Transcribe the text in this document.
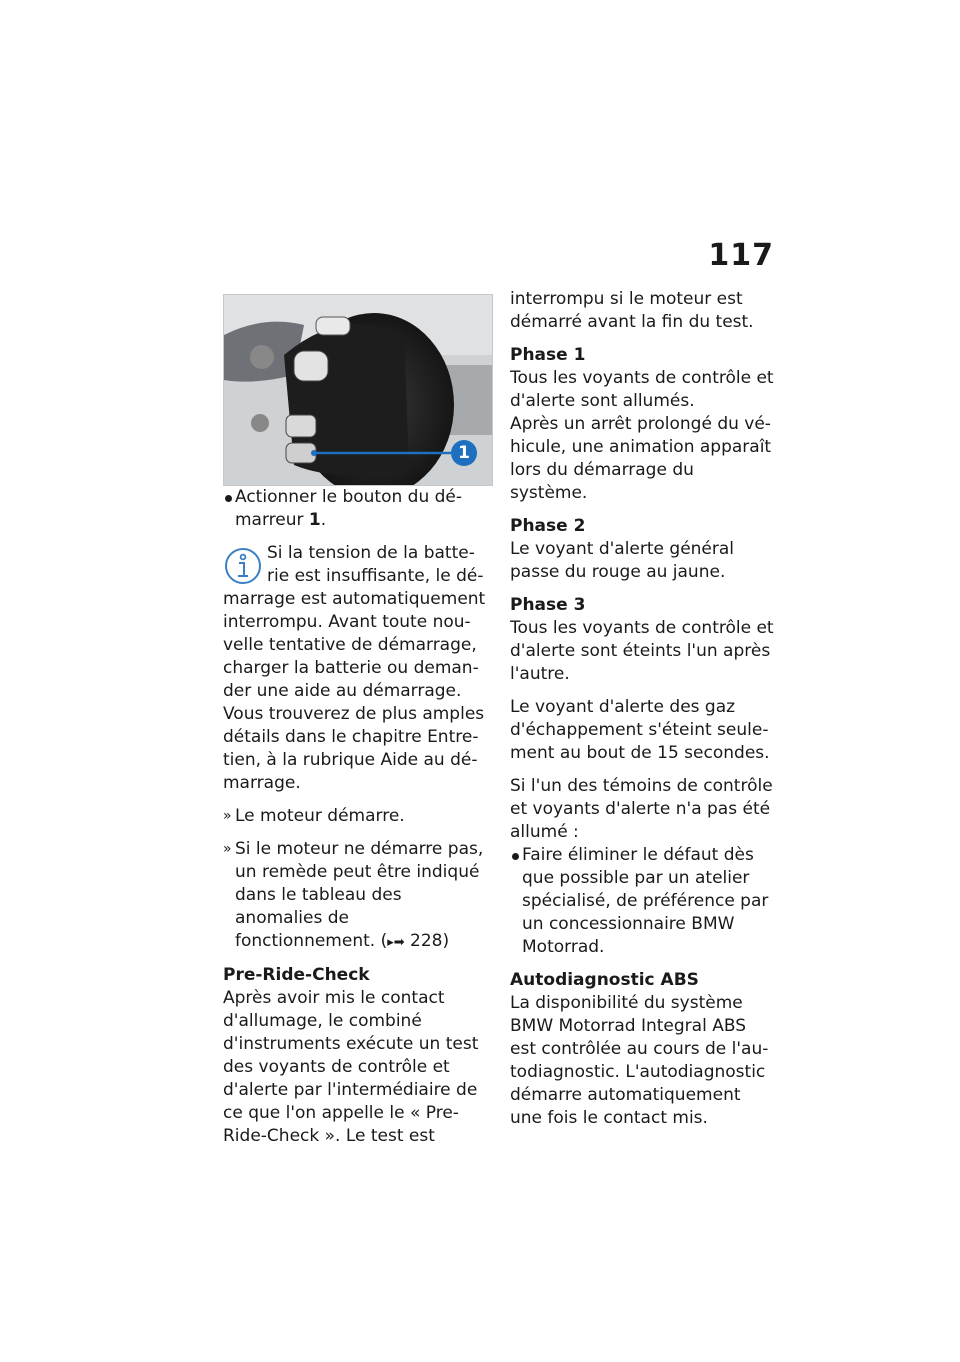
117
1

Actionner le bouton du dé-marreur 1.

Si la tension de la batte-rie est insuffisante, le dé-
marrage est automatiquement interrompu. Avant toute nou-velle tentative de démarrage, charger la batterie ou deman-der une aide au démarrage. Vous trouverez de plus amples détails dans le chapitre Entre-tien, à la rubrique Aide au dé-marrage.

» Le moteur démarre.

» Si le moteur ne démarre pas, un remède peut être indiqué dans le tableau des anomalies de fonctionnement. (▸➡ 228)

Pre-Ride-Check
Après avoir mis le contact d'allumage, le combiné d'instruments exécute un test des voyants de contrôle et d'alerte par l'intermédiaire de ce que l'on appelle le « Pre-Ride-Check ». Le test est

interrompu si le moteur est démarré avant la fin du test.

Phase 1
Tous les voyants de contrôle et d'alerte sont allumés.
Après un arrêt prolongé du vé-hicule, une animation apparaît lors du démarrage du système.

Phase 2
Le voyant d'alerte général passe du rouge au jaune.

Phase 3
Tous les voyants de contrôle et d'alerte sont éteints l'un après l'autre.

Le voyant d'alerte des gaz d'échappement s'éteint seule-ment au bout de 15 secondes.

Si l'un des témoins de contrôle et voyants d'alerte n'a pas été allumé :

Faire éliminer le défaut dès que possible par un atelier spécialisé, de préférence par un concessionnaire BMW Motorrad.

Autodiagnostic ABS
La disponibilité du système BMW Motorrad Integral ABS est contrôlée au cours de l'au-todiagnostic. L'autodiagnostic démarre automatiquement une fois le contact mis.
